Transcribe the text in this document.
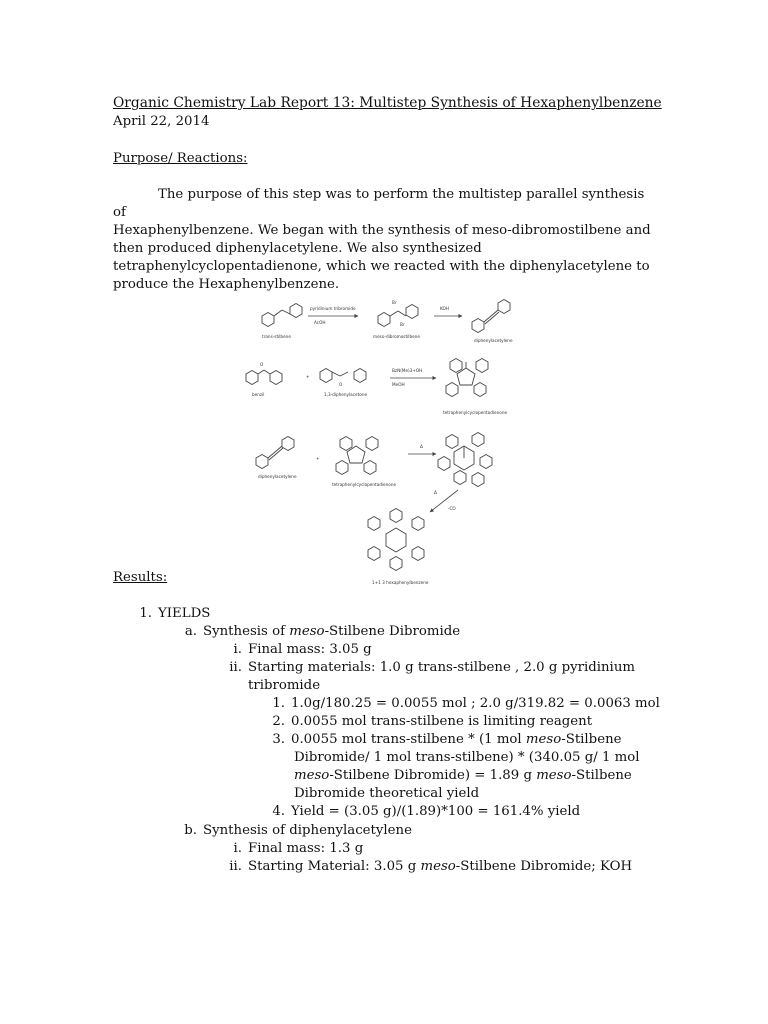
Organic Chemistry Lab Report 13: Multistep Synthesis of Hexaphenylbenzene
April 22, 2014
Purpose/ Reactions:
The purpose of this step was to perform the multistep parallel synthesis of
Hexaphenylbenzene. We began with the synthesis of meso-dibromostilbene and
then produced diphenylacetylene. We also synthesized
tetraphenylcyclopentadienone, which we reacted with the diphenylacetylene to
produce the Hexaphenylbenzene.
trans-stilbene
pyridinium tribromide
AcOH
Br
Br
meso-dibromostilbene
KOH
diphenylacetylene
O
benzil
+
O
1,3-diphenylacetone
BzN(Me)3+OH
MeOH
tetraphenylcyclopentadienone
diphenylacetylene
+
tetraphenylcyclopentadienone
Δ
Δ
-CO
1+1 3 hexaphenylbenzene
Results:
1. YIELDS
a. Synthesis of meso-Stilbene Dibromide
i. Final mass: 3.05 g
ii. Starting materials: 1.0 g trans-stilbene , 2.0 g pyridinium
tribromide
1. 1.0g/180.25 = 0.0055 mol ; 2.0 g/319.82 = 0.0063 mol
2. 0.0055 mol trans-stilbene is limiting reagent
3. 0.0055 mol trans-stilbene * (1 mol meso-Stilbene
Dibromide/ 1 mol trans-stilbene) * (340.05 g/ 1 mol
meso-Stilbene Dibromide) = 1.89 g meso-Stilbene
Dibromide theoretical yield
4. Yield = (3.05 g)/(1.89)*100 = 161.4% yield
b. Synthesis of diphenylacetylene
i. Final mass: 1.3 g
ii. Starting Material: 3.05 g meso-Stilbene Dibromide; KOH
